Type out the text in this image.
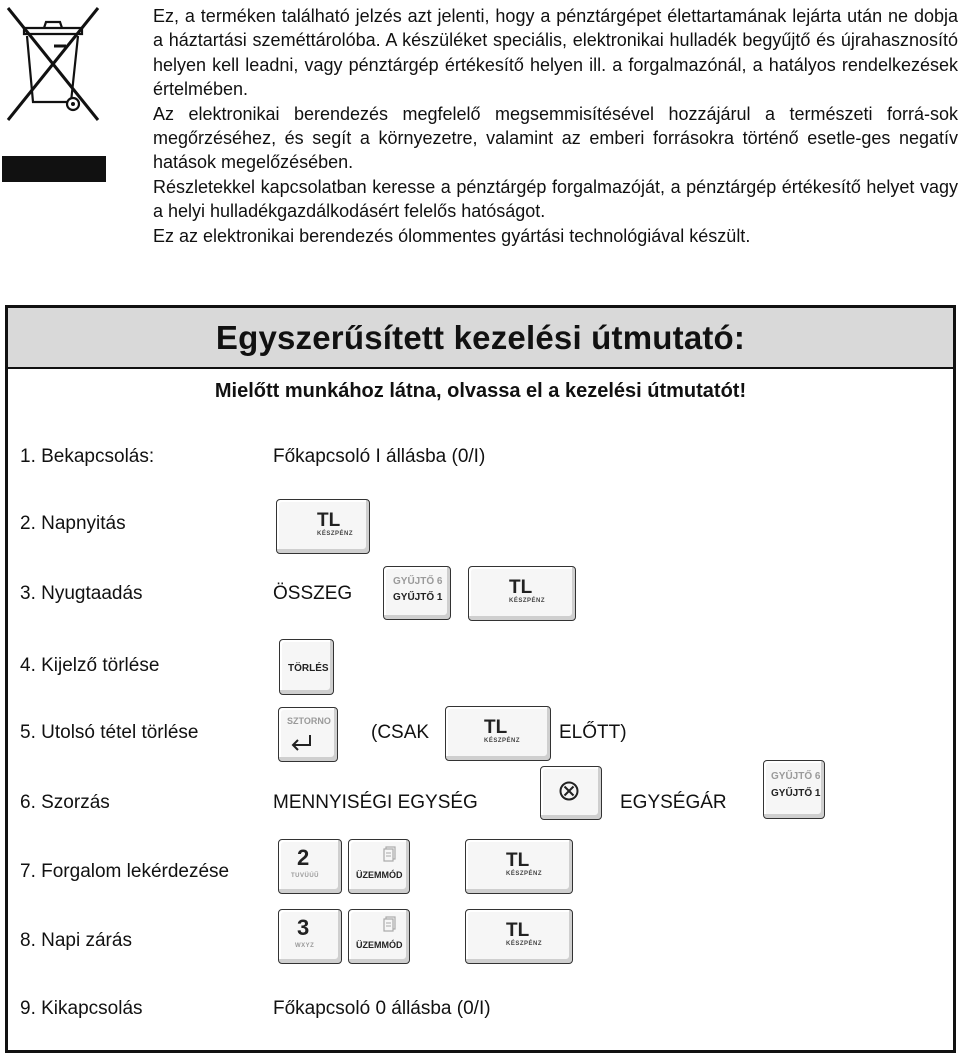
Ez, a terméken található jelzés azt jelenti, hogy a pénztárgépet élettartamának lejárta után ne dobja a háztartási szeméttárolóba. A készüléket speciális, elektronikai hulladék begyűjtő és újrahasznosító helyen kell leadni, vagy pénztárgép értékesítő helyen ill. a forgalmazónál, a hatályos rendelkezések értelmében.

Az elektronikai berendezés megfelelő megsemmisítésével hozzájárul a természeti forrá-sok megőrzéséhez, és segít a környezetre, valamint az emberi forrásokra történő esetle-ges negatív hatások megelőzésében.

Részletekkel kapcsolatban keresse a pénztárgép forgalmazóját, a pénztárgép értékesítő helyet vagy a helyi hulladékgazdálkodásért felelős hatóságot.

Ez az elektronikai berendezés ólommentes gyártási technológiával készült.

Egyszerűsített kezelési útmutató:
Mielőtt munkához látna, olvassa el a kezelési útmutatót!
1. Bekapcsolás:	Főkapcsoló I állásba (0/I)
2. Napnyitás	TL
KÉSZPÉNZ
3. Nyugtaadás	ÖSSZEG
GYŰJTŐ 6
GYŰJTŐ 1	TL
KÉSZPÉNZ
4. Kijelző törlése	TÖRLÉS
5. Utolsó tétel törlése
SZTORNO
(CSAK	TL
KÉSZPÉNZ ELŐTT)
6. Szorzás	MENNYISÉGI EGYSÉG	EGYSÉGÁR
GYŰJTŐ 6
GYŰJTŐ 1
7. Forgalom lekérdezése
2
TUVÜÚŰ	ÜZEMMÓD
TL
KÉSZPÉNZ
8. Napi zárás
3
WXYZ	ÜZEMMÓD
TL
KÉSZPÉNZ
9. Kikapcsolás	Főkapcsoló 0 állásba (0/I)
